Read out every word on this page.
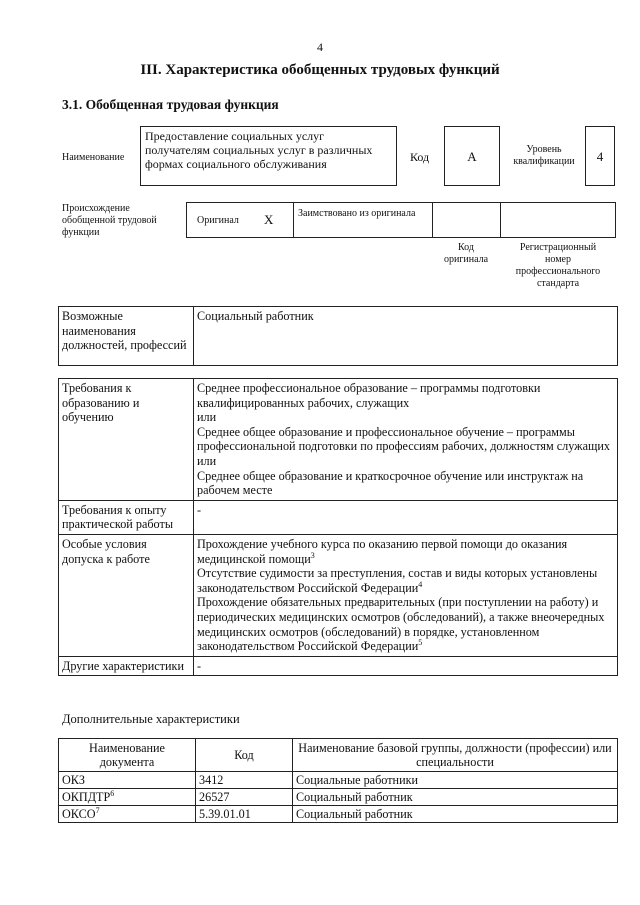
4
III. Характеристика обобщенных трудовых функций
3.1. Обобщенная трудовая функция
Наименование
Предоставление социальных услуг получателям социальных услуг в различных формах социального обслуживания	Код	A	Уровень квалификации	4
Происхождение обобщенной трудовой функции
Оригинал X Заимствовано из оригинала
Код оригинала
Регистрационный номер профессионального стандарта
Возможные наименования должностей, профессий	Социальный работник
Требования к образованию и обучению	Среднее профессиональное образование – программы подготовки квалифицированных рабочих, служащих
или
Среднее общее образование и профессиональное обучение – программы профессиональной подготовки по профессиям рабочих, должностям служащих
или
Среднее общее образование и краткосрочное обучение или инструктаж на рабочем месте

Требования к опыту практической работы	-
Особые условия допуска к работе	Прохождение учебного курса по оказанию первой помощи до оказания медицинской помощи$^3$
Отсутствие судимости за преступления, состав и виды которых установлены законодательством Российской Федерации$^4$
Прохождение обязательных предварительных (при поступлении на работу) и периодических медицинских осмотров (обследований), а также внеочередных медицинских осмотров (обследований) в порядке, установленном законодательством Российской Федерации$^5$

Другие характеристики	-
Дополнительные характеристики
Наименование документа	Код	Наименование базовой группы, должности (профессии) или специальности
ОКЗ	3412	Социальные работники
ОКПДТР$^6$	26527	Социальный работник
ОКСО$^7$	5.39.01.01	Социальный работник
